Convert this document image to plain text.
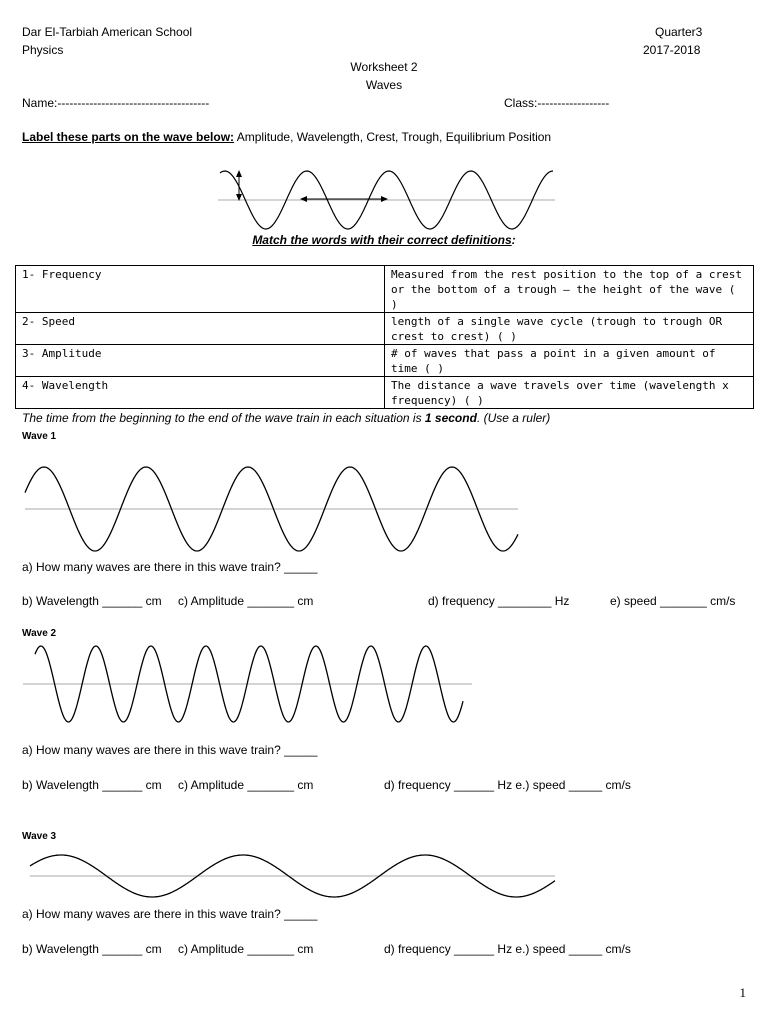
Dar El-Tarbiah American School
Physics
Quarter3
2017-2018
Worksheet 2
Waves
Name:--------------------------------------	Class:------------------
Label these parts on the wave below: Amplitude, Wavelength, Crest, Trough, Equilibrium Position
Match the words with their correct definitions:
1- Frequency	Measured from the rest position to the top of a crest or the bottom of a trough – the height of the wave ( )
2- Speed	length of a single wave cycle (trough to trough OR crest to crest) ( )
3- Amplitude	# of waves that pass a point in a given amount of time ( )
4- Wavelength	The distance a wave travels over time (wavelength x frequency) ( )
The time from the beginning to the end of the wave train in each situation is 1 second. (Use a ruler)
Wave 1
a) How many waves are there in this wave train? _____
b) Wavelength ______ cm c) Amplitude _______ cm	d) frequency ________ Hz	e) speed _______ cm/s
Wave 2
a) How many waves are there in this wave train? _____
b) Wavelength ______ cm c) Amplitude _______ cm	d) frequency ______ Hz e.) speed _____ cm/s
Wave 3
a) How many waves are there in this wave train? _____
b) Wavelength ______ cm c) Amplitude _______ cm	d) frequency ______ Hz e.) speed _____ cm/s
1
